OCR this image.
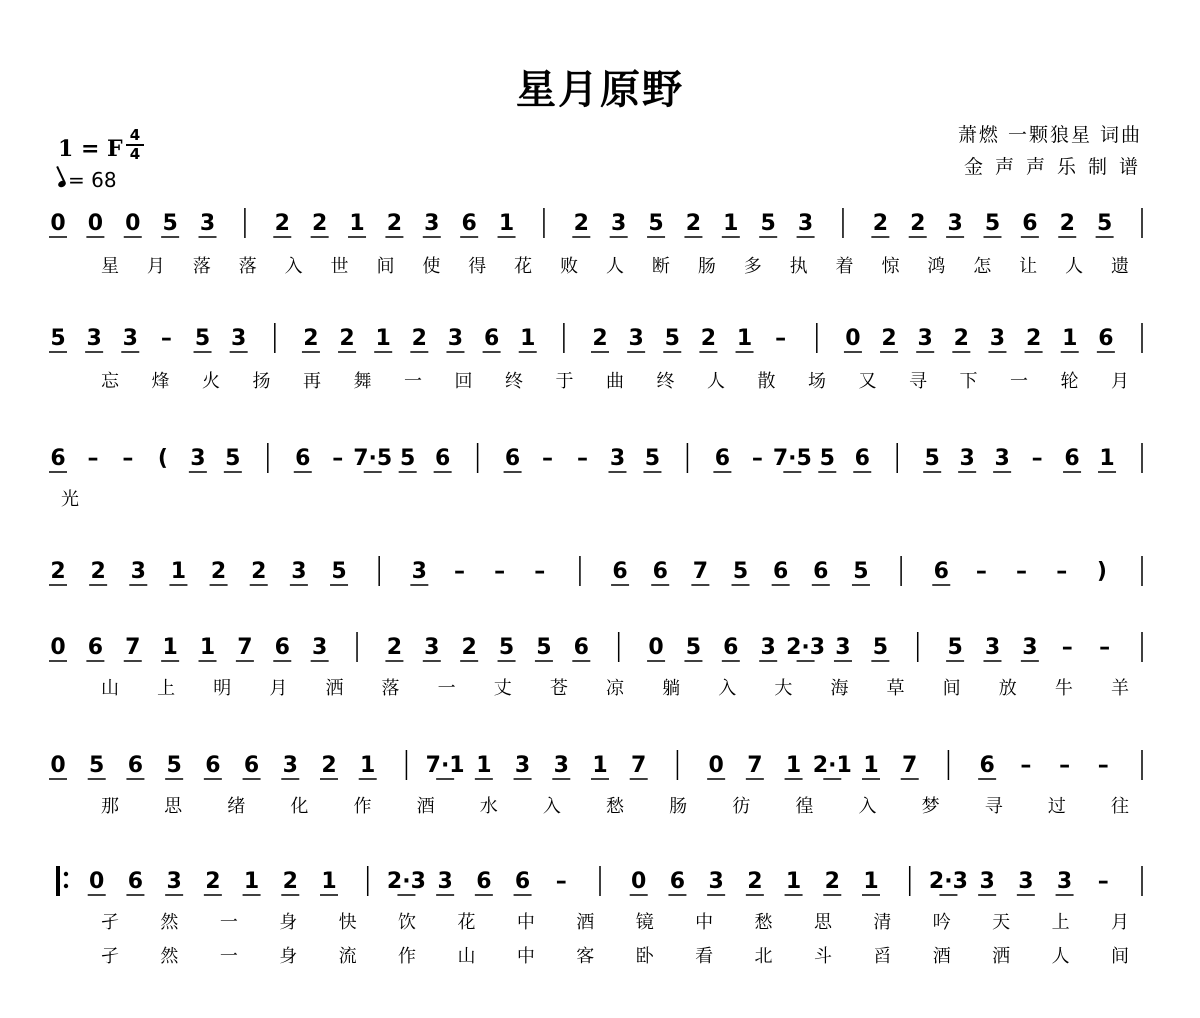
星月原野
萧燃 一颗狼星 词曲
金声声乐制谱
1 = F
4
4
= 68
0 0 0 5 3	2 2 1 2 3 6 1	2 3 5 2 1 5 3	2 2 3 5 6 2 5
星 月 落 落 入 世 间 使 得 花 败 人 断 肠 多 执 着 惊 鸿 怎 让 人 遗
5 3 3 – 5 3	2 2 1 2 3 6 1	2 3 5 2 1 –	0 2 3 2 3 2 1 6
忘 烽 火 扬 再 舞 一 回 终 于 曲 终 人 散 场 又 寻 下 一 轮 月
6 – – ( 3 5 6 – 7·5 5 6 6 – – 3 5 6 – 7·5 5 6 5 3 3 – 6 1
光
2 2 3 1 2 2 3 5	3 – – –	6 6 7 5 6 6 5	6 – – – )
0 6 7 1 1 7 6 3	2 3 2 5 5 6	0 5 6 3 2·3 3 5	5 3 3 – –
山 上 明 月 洒 落 一 丈 苍 凉 躺 入 大 海 草 间 放 牛 羊
0 5 6 5 6 6 3 2 1 7·1 1 3 3 1 7	0 7 1 2·1 1 7	6 – – –
那	思	绪	化	作	酒	水	入	愁	肠	彷	徨	入	梦	寻	过	往
0 6 3 2 1 2 1 2·3 3 6 6 –	0 6 3 2 1 2 1 2·3 3 3 3 –
孑 然 一 身 快 饮 花 中 酒 镜 中 愁 思 清 吟 天 上 月
孑 然 一 身 流 作 山 中 客 卧 看 北 斗 舀 酒 洒 人 间
